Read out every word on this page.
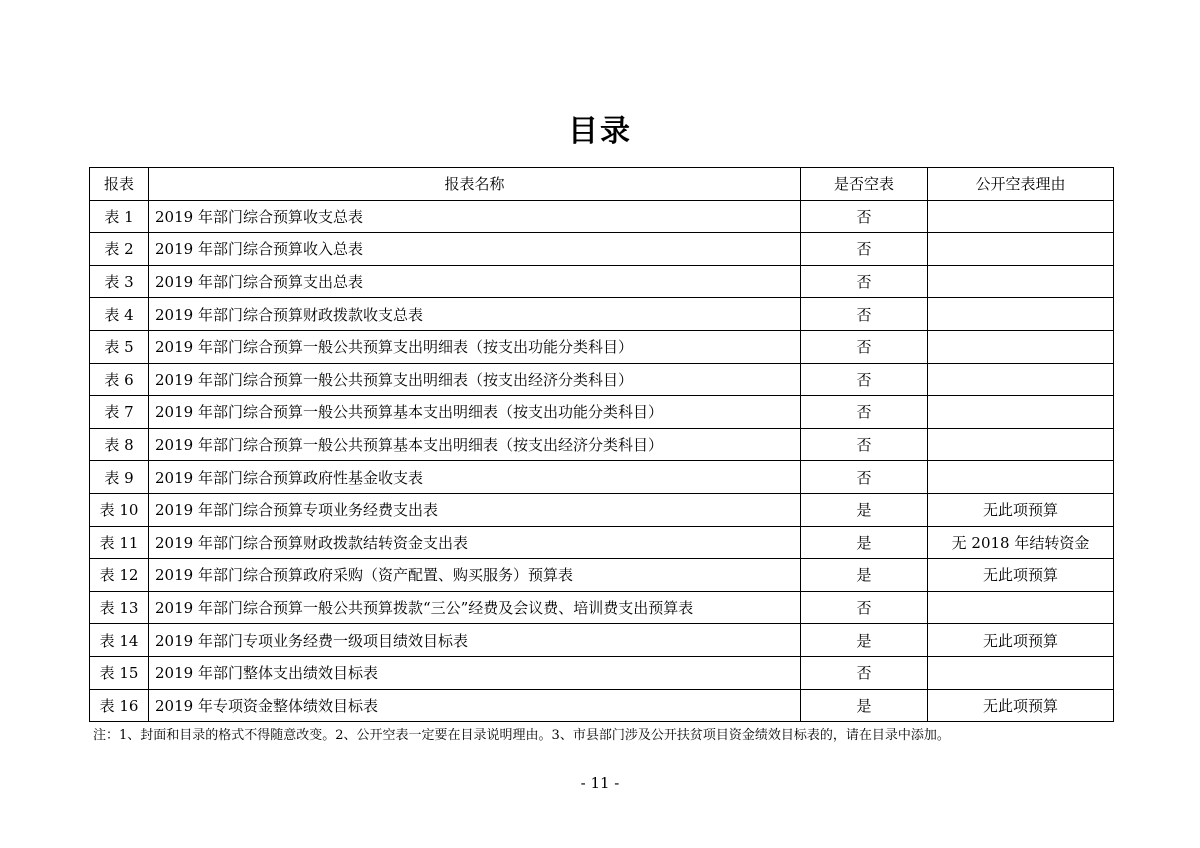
目录
报表	报表名称	是否空表	公开空表理由
表 1	2019 年部门综合预算收支总表	否	
表 2	2019 年部门综合预算收入总表	否	
表 3	2019 年部门综合预算支出总表	否	
表 4	2019 年部门综合预算财政拨款收支总表	否	
表 5	2019 年部门综合预算一般公共预算支出明细表（按支出功能分类科目）	否	
表 6	2019 年部门综合预算一般公共预算支出明细表（按支出经济分类科目）	否	
表 7	2019 年部门综合预算一般公共预算基本支出明细表（按支出功能分类科目）	否	
表 8	2019 年部门综合预算一般公共预算基本支出明细表（按支出经济分类科目）	否	
表 9	2019 年部门综合预算政府性基金收支表	否	
表 10	2019 年部门综合预算专项业务经费支出表	是	无此项预算
表 11	2019 年部门综合预算财政拨款结转资金支出表	是	无 2018 年结转资金
表 12	2019 年部门综合预算政府采购（资产配置、购买服务）预算表	是	无此项预算
表 13	2019 年部门综合预算一般公共预算拨款“三公”经费及会议费、培训费支出预算表	否	
表 14	2019 年部门专项业务经费一级项目绩效目标表	是	无此项预算
表 15	2019 年部门整体支出绩效目标表	否	
表 16	2019 年专项资金整体绩效目标表	是	无此项预算
注：1、封面和目录的格式不得随意改变。2、公开空表一定要在目录说明理由。3、市县部门涉及公开扶贫项目资金绩效目标表的，请在目录中添加。
- 11 -
